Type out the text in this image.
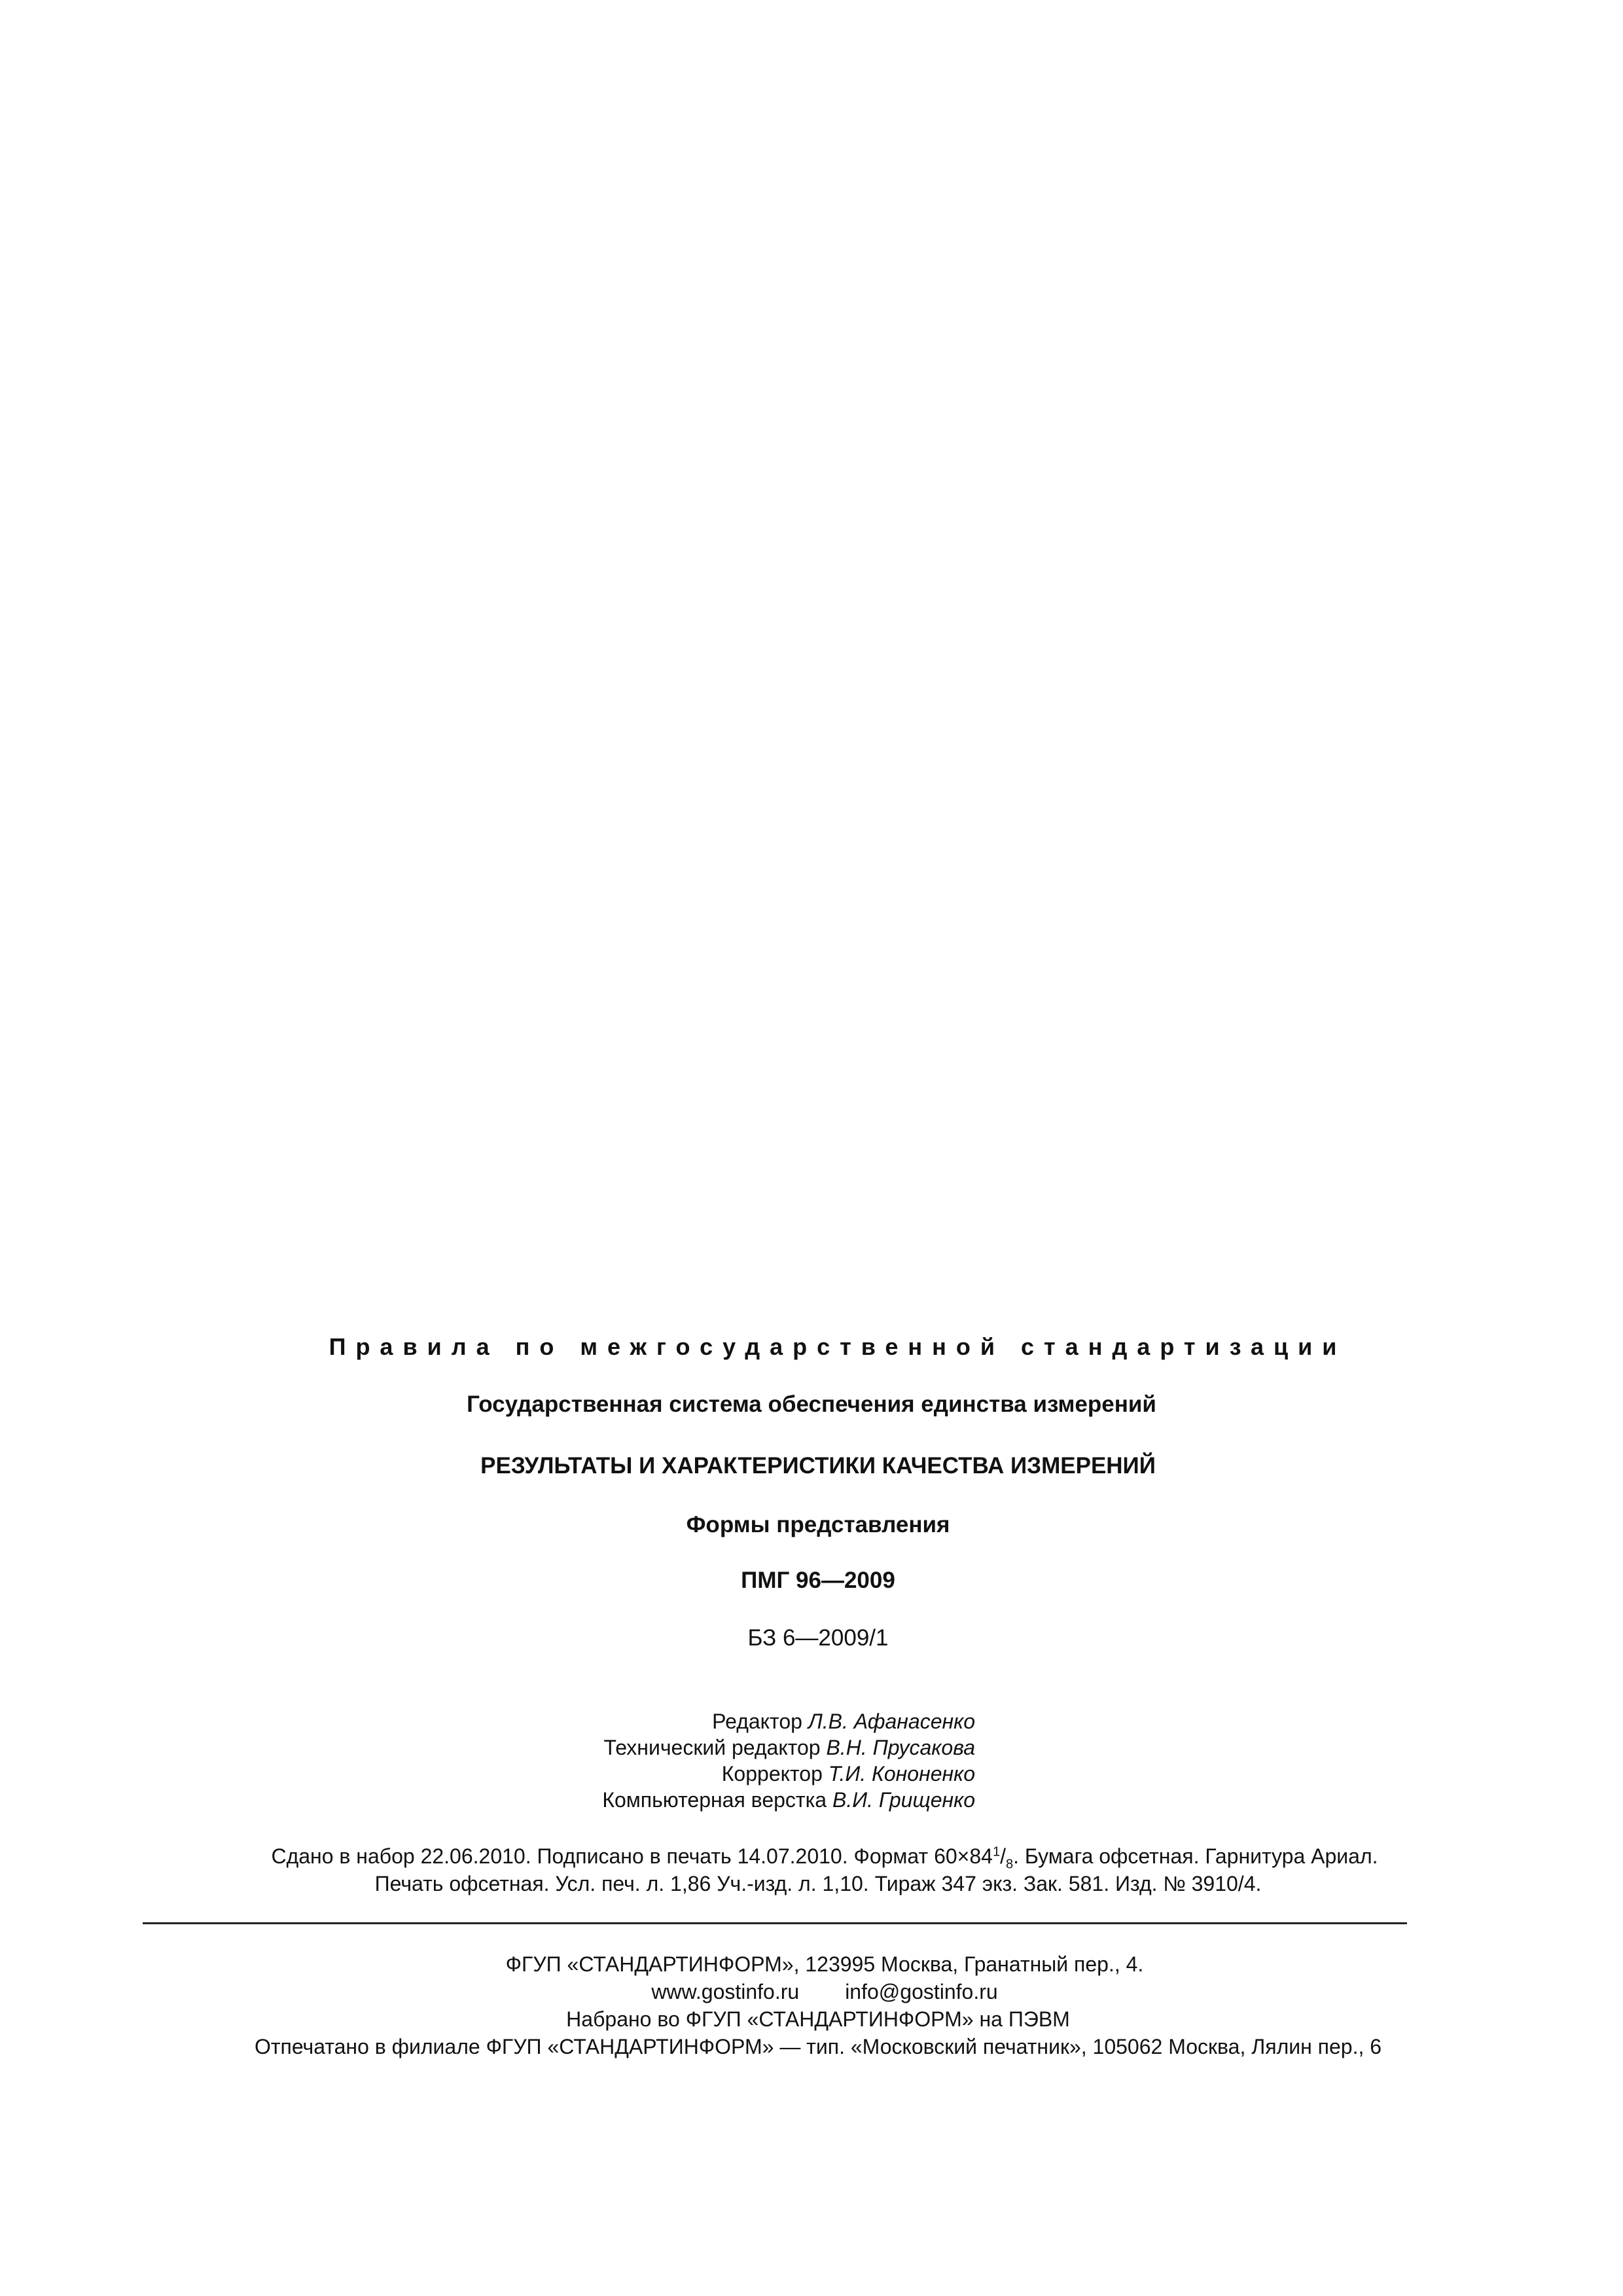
Правила по межгосударственной стандартизации
Государственная система обеспечения единства измерений
РЕЗУЛЬТАТЫ И ХАРАКТЕРИСТИКИ КАЧЕСТВА ИЗМЕРЕНИЙ
Формы представления
ПМГ 96—2009
БЗ 6—2009/1
Редактор Л.В. Афанасенко
Технический редактор В.Н. Прусакова
Корректор Т.И. Кононенко
Компьютерная верстка В.И. Грищенко
Сдано в набор 22.06.2010. Подписано в печать 14.07.2010. Формат $60\times 84^1/_8$. Бумага офсетная. Гарнитура Ариал.
Печать офсетная. Усл. печ. л. 1,86 Уч.-изд. л. 1,10. Тираж 347 экз. Зак. 581. Изд. № 3910/4.
ФГУП «СТАНДАРТИНФОРМ», 123995 Москва, Гранатный пер., 4.
www.gostinfo.ru info@gostinfo.ru
Набрано во ФГУП «СТАНДАРТИНФОРМ» на ПЭВМ
Отпечатано в филиале ФГУП «СТАНДАРТИНФОРМ» — тип. «Московский печатник», 105062 Москва, Лялин пер., 6
